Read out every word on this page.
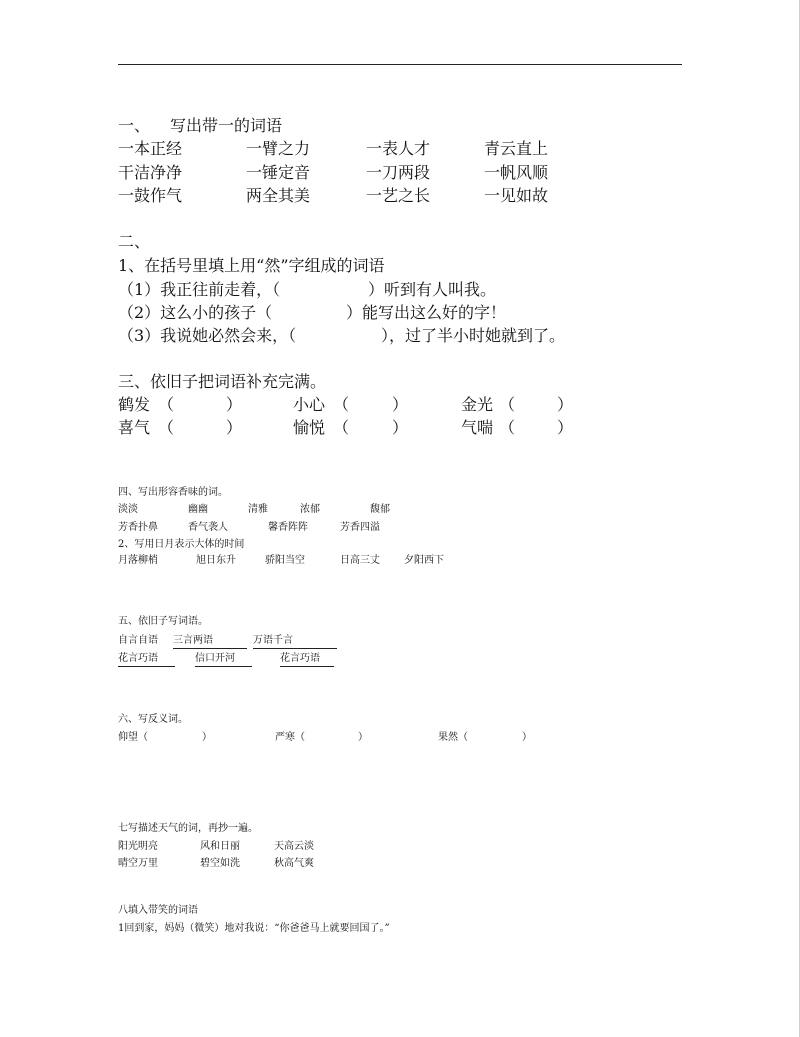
一、 写出带一的词语
一本正经	一臂之力	一表人才	青云直上
干洁净净	一锤定音	一刀两段	一帆风顺
一鼓作气	两全其美	一艺之长	一见如故
二、
1、在括号里填上用“然”字组成的词语
（1）我正往前走着，（	）听到有人叫我。
（2）这么小的孩子（	）能写出这么好的字！
（3）我说她必然会来，（	），过了半小时她就到了。
三、依旧子把词语补充完满。
鹤发 （	）	小心 （	）	金光 （	）
喜气 （	）	愉悦 （	）	气喘 （	）
四、写出形容香味的词。
淡淡	幽幽	清雅	浓郁	馥郁
芳香扑鼻	香气袭人	馨香阵阵	芳香四溢
2、写用日月表示大体的时间
月落柳梢	旭日东升	骄阳当空	日高三丈 夕阳西下
五、依旧子写词语。
自言自语 三言两语	万语千言
花言巧语	信口开河	花言巧语
六、写反义词。
仰望（	）	严寒（	）	果然（	）
七写描述天气的词，再抄一遍。
阳光明亮	风和日丽	天高云淡
晴空万里	碧空如洗	秋高气爽
八填入带笑的词语
1回到家，妈妈（微笑）地对我说：“你爸爸马上就要回国了。”
